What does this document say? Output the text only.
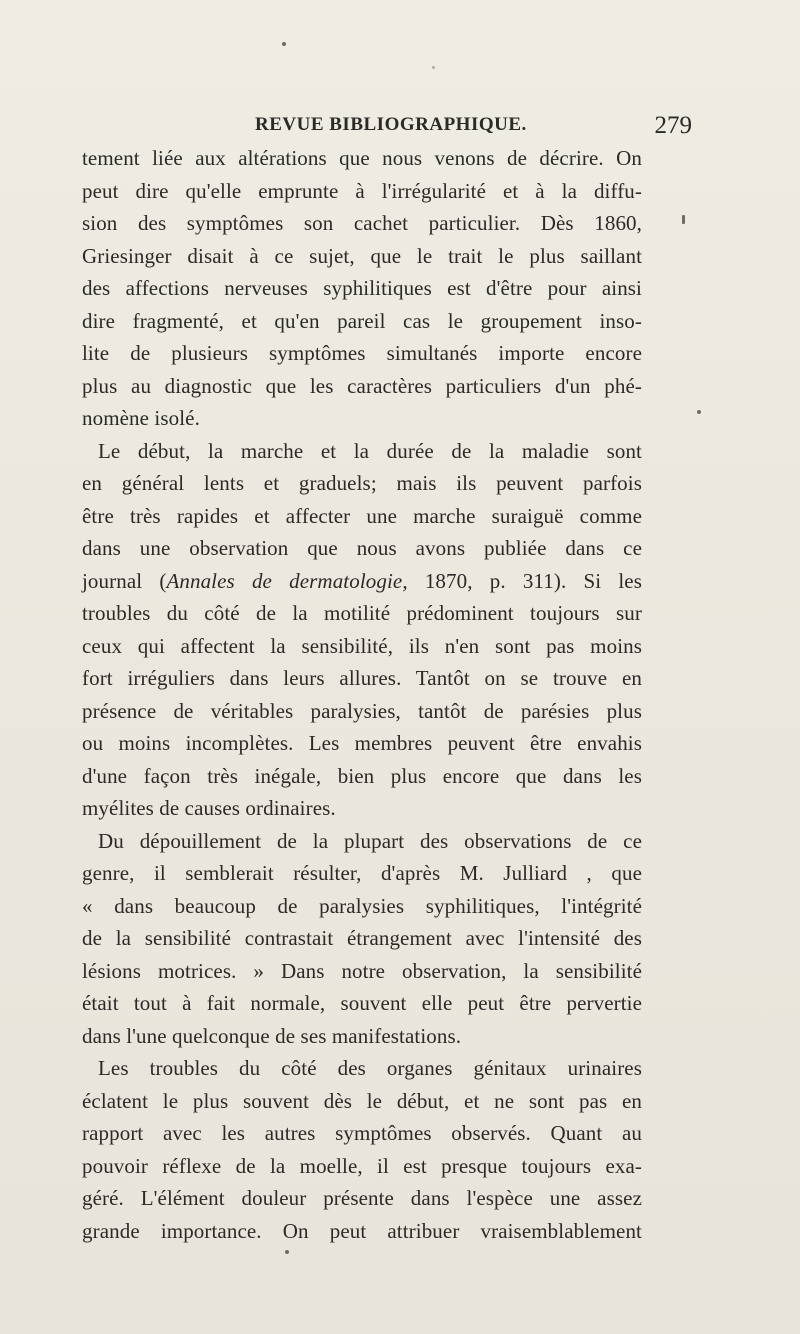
REVUE BIBLIOGRAPHIQUE.	279
tement liée aux altérations que nous venons de décrire. On
peut dire qu'elle emprunte à l'irrégularité et à la diffu-
sion des symptômes son cachet particulier. Dès 1860,
Griesinger disait à ce sujet, que le trait le plus saillant
des affections nerveuses syphilitiques est d'être pour ainsi
dire fragmenté, et qu'en pareil cas le groupement inso-
lite de plusieurs symptômes simultanés importe encore
plus au diagnostic que les caractères particuliers d'un phé-
nomène isolé.
Le début, la marche et la durée de la maladie sont
en général lents et graduels; mais ils peuvent parfois
être très rapides et affecter une marche suraiguë comme
dans une observation que nous avons publiée dans ce
journal (Annales de dermatologie, 1870, p. 311). Si les
troubles du côté de la motilité prédominent toujours sur
ceux qui affectent la sensibilité, ils n'en sont pas moins
fort irréguliers dans leurs allures. Tantôt on se trouve en
présence de véritables paralysies, tantôt de parésies plus
ou moins incomplètes. Les membres peuvent être envahis
d'une façon très inégale, bien plus encore que dans les
myélites de causes ordinaires.
Du dépouillement de la plupart des observations de ce
genre, il semblerait résulter, d'après M. Julliard , que
« dans beaucoup de paralysies syphilitiques, l'intégrité
de la sensibilité contrastait étrangement avec l'intensité des
lésions motrices. » Dans notre observation, la sensibilité
était tout à fait normale, souvent elle peut être pervertie
dans l'une quelconque de ses manifestations.
Les troubles du côté des organes génitaux urinaires
éclatent le plus souvent dès le début, et ne sont pas en
rapport avec les autres symptômes observés. Quant au
pouvoir réflexe de la moelle, il est presque toujours exa-
géré. L'élément douleur présente dans l'espèce une assez
grande importance. On peut attribuer vraisemblablement
